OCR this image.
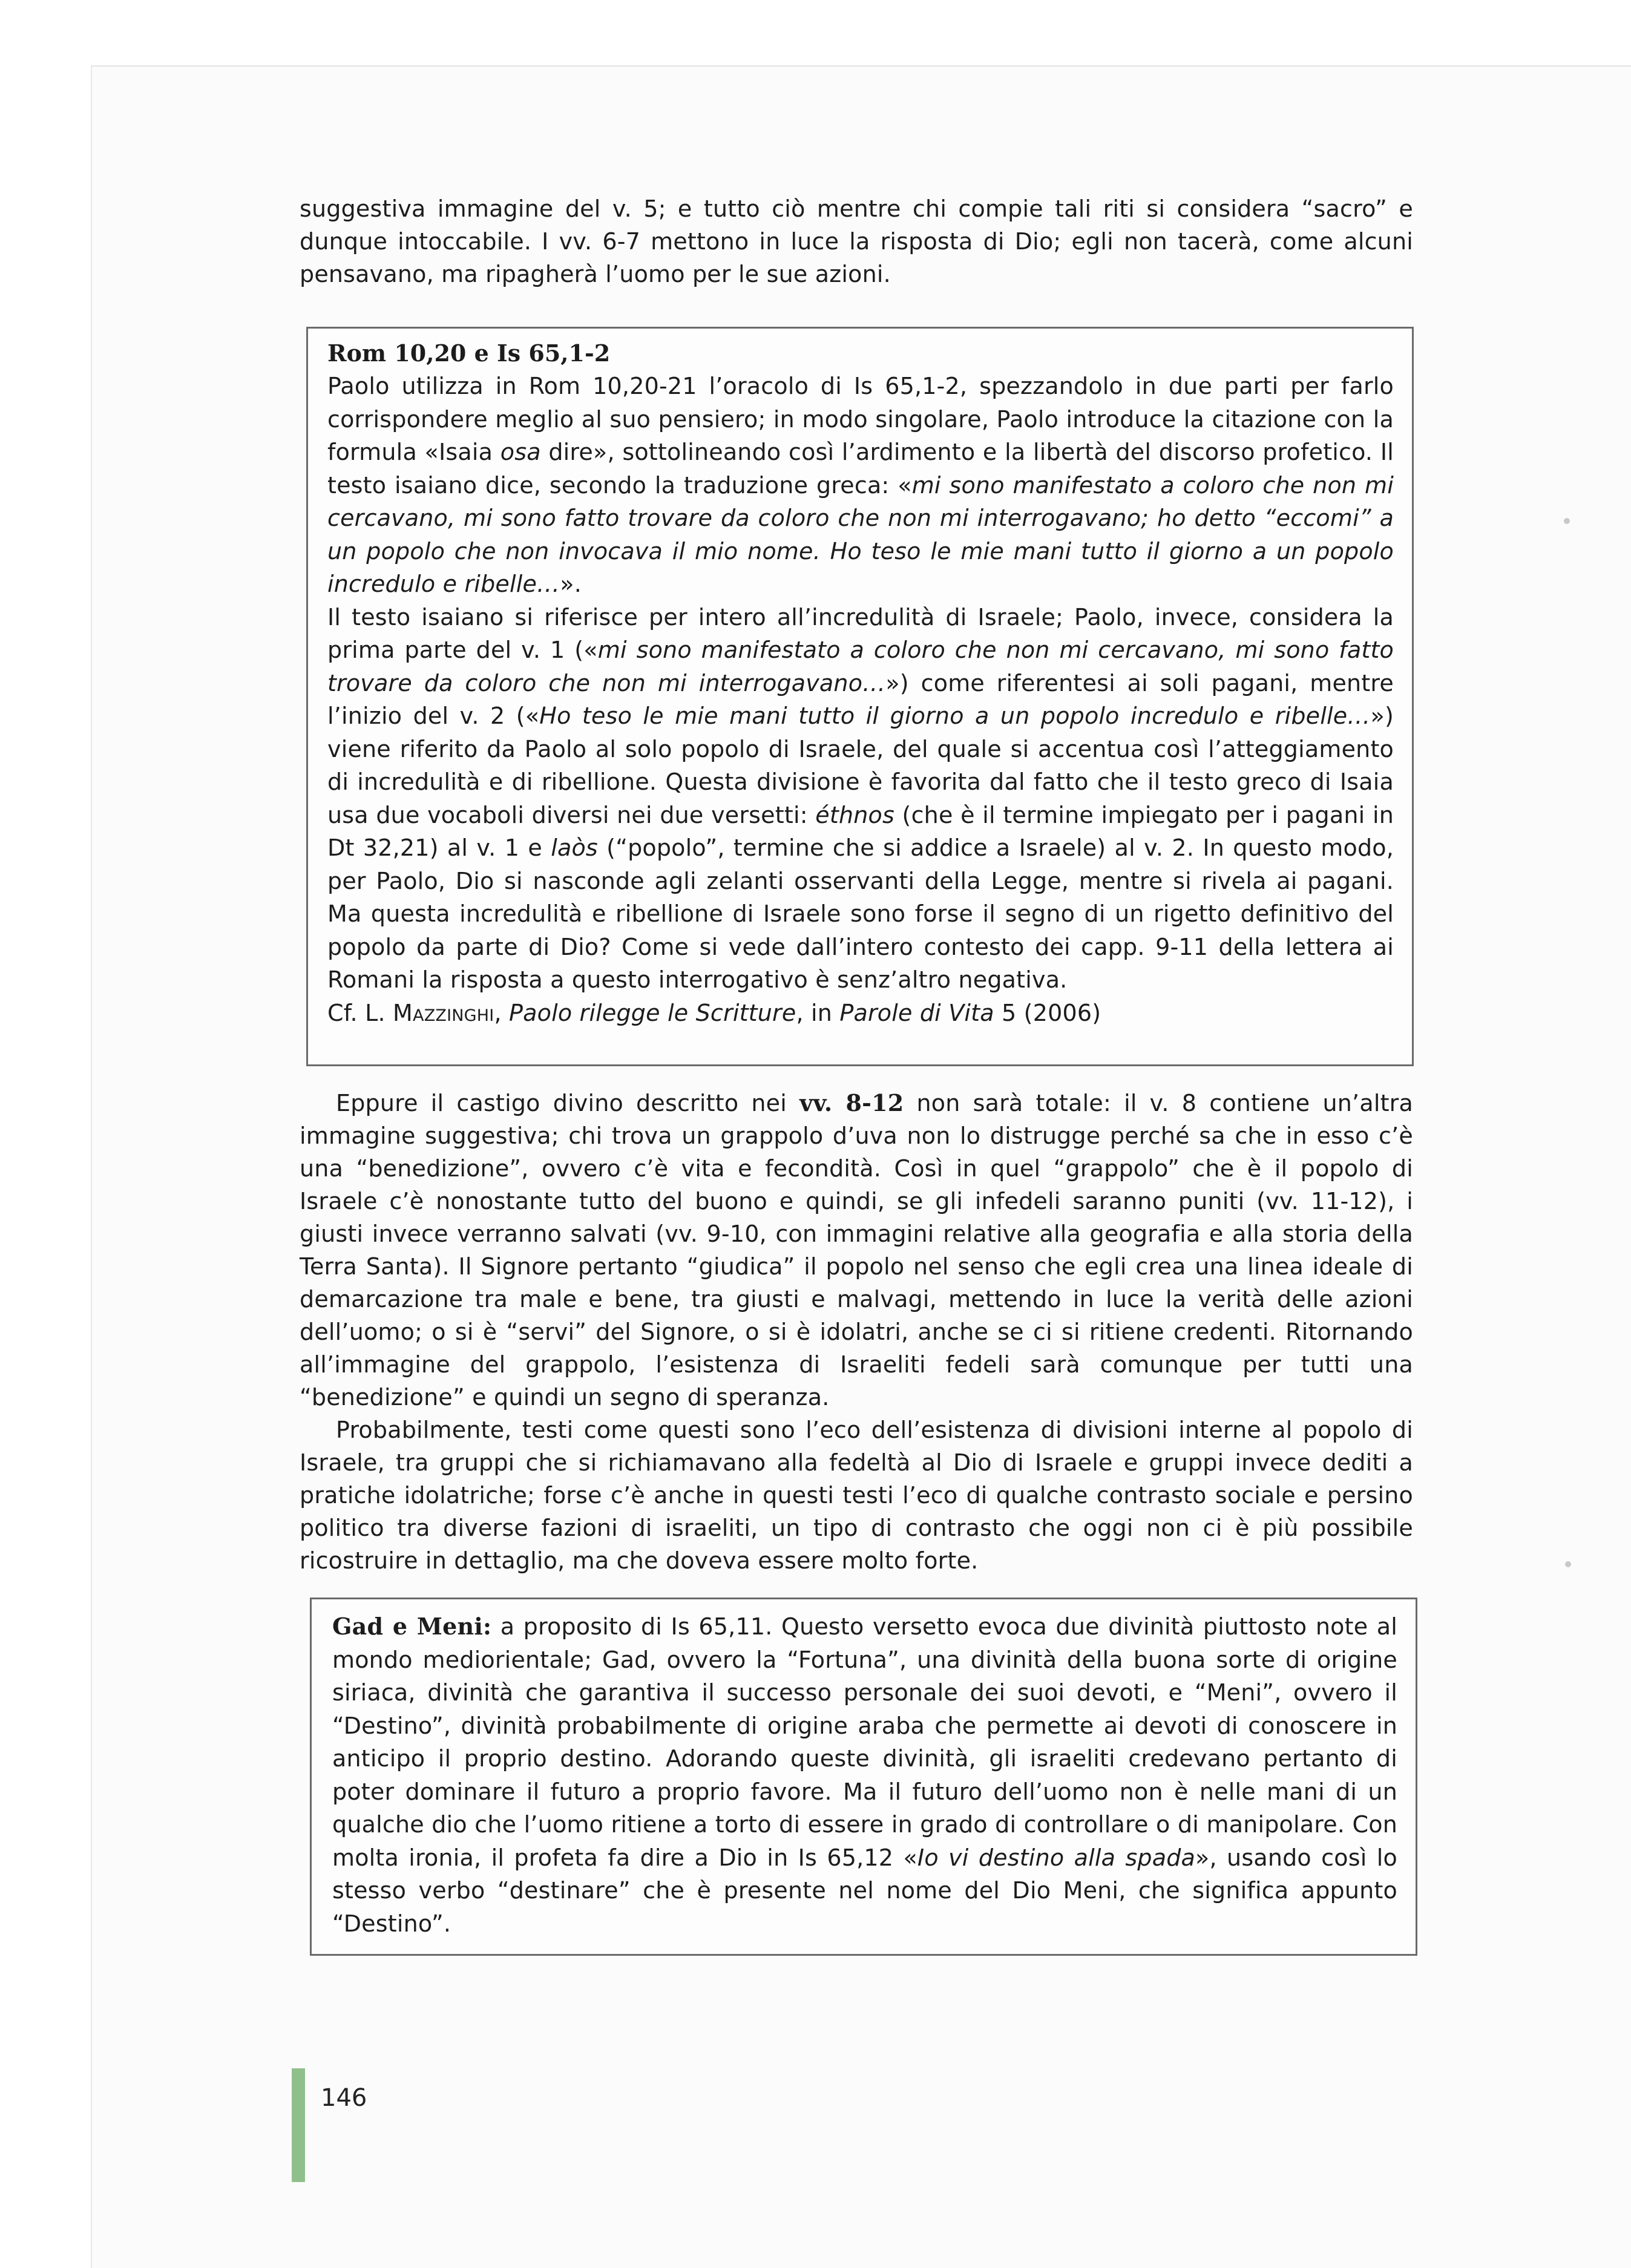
suggestiva immagine del v. 5; e tutto ciò mentre chi compie tali riti si considera “sacro” e dunque intoccabile. I vv. 6-7 mettono in luce la risposta di Dio; egli non tacerà, come alcuni pensavano, ma ripagherà l’uomo per le sue azioni.

Rom 10,20 e Is 65,1-2

Paolo utilizza in Rom 10,20-21 l’oracolo di Is 65,1-2, spezzandolo in due parti per farlo corrispondere meglio al suo pensiero; in modo singolare, Paolo introduce la citazione con la formula «Isaia osa dire», sottolineando così l’ardimento e la libertà del discorso profetico. Il testo isaiano dice, secondo la traduzione greca: «mi sono manifestato a coloro che non mi cercavano, mi sono fatto trovare da coloro che non mi interrogavano; ho detto “eccomi” a un popolo che non invocava il mio nome. Ho teso le mie mani tutto il giorno a un popolo incredulo e ribelle…».

Il testo isaiano si riferisce per intero all’incredulità di Israele; Paolo, invece, considera la prima parte del v. 1 («mi sono manifestato a coloro che non mi cercavano, mi sono fatto trovare da coloro che non mi interrogavano…») come riferentesi ai soli pagani, mentre l’inizio del v. 2 («Ho teso le mie mani tutto il giorno a un popolo incredulo e ribelle…») viene riferito da Paolo al solo popolo di Israele, del quale si accentua così l’atteggiamento di incredulità e di ribellione. Questa divisione è favorita dal fatto che il testo greco di Isaia usa due vocaboli diversi nei due versetti: éthnos (che è il termine impiegato per i pagani in Dt 32,21) al v. 1 e laòs (“popolo”, termine che si addice a Israele) al v. 2. In questo modo, per Paolo, Dio si nasconde agli zelanti osservanti della Legge, mentre si rivela ai pagani. Ma questa incredulità e ribellione di Israele sono forse il segno di un rigetto definitivo del popolo da parte di Dio? Come si vede dall’intero contesto dei capp. 9-11 della lettera ai Romani la risposta a questo interrogativo è senz’altro negativa.

Cf. L. Mazzinghi, Paolo rilegge le Scritture, in Parole di Vita 5 (2006)

Eppure il castigo divino descritto nei vv. 8-12 non sarà totale: il v. 8 contiene un’altra immagine suggestiva; chi trova un grappolo d’uva non lo distrugge perché sa che in esso c’è una “benedizione”, ovvero c’è vita e fecondità. Così in quel “grappolo” che è il popolo di Israele c’è nonostante tutto del buono e quindi, se gli infedeli saranno puniti (vv. 11-12), i giusti invece verranno salvati (vv. 9-10, con immagini relative alla geografia e alla storia della Terra Santa). Il Signore pertanto “giudica” il popolo nel senso che egli crea una linea ideale di demarcazione tra male e bene, tra giusti e malvagi, mettendo in luce la verità delle azioni dell’uomo; o si è “servi” del Signore, o si è idolatri, anche se ci si ritiene credenti. Ritornando all’immagine del grappolo, l’esistenza di Israeliti fedeli sarà comunque per tutti una “benedizione” e quindi un segno di speranza.

Probabilmente, testi come questi sono l’eco dell’esistenza di divisioni interne al popolo di Israele, tra gruppi che si richiamavano alla fedeltà al Dio di Israele e gruppi invece dediti a pratiche idolatriche; forse c’è anche in questi testi l’eco di qualche contrasto sociale e persino politico tra diverse fazioni di israeliti, un tipo di contrasto che oggi non ci è più possibile ricostruire in dettaglio, ma che doveva essere molto forte.

Gad e Meni: a proposito di Is 65,11. Questo versetto evoca due divinità piuttosto note al mondo mediorientale; Gad, ovvero la “Fortuna”, una divinità della buona sorte di origine siriaca, divinità che garantiva il successo personale dei suoi devoti, e “Meni”, ovvero il “Destino”, divinità probabilmente di origine araba che permette ai devoti di conoscere in anticipo il proprio destino. Adorando queste divinità, gli israeliti credevano pertanto di poter dominare il futuro a proprio favore. Ma il futuro dell’uomo non è nelle mani di un qualche dio che l’uomo ritiene a torto di essere in grado di controllare o di manipolare. Con molta ironia, il profeta fa dire a Dio in Is 65,12 «Io vi destino alla spada», usando così lo stesso verbo “destinare” che è presente nel nome del Dio Meni, che significa appunto “Destino”.

146
